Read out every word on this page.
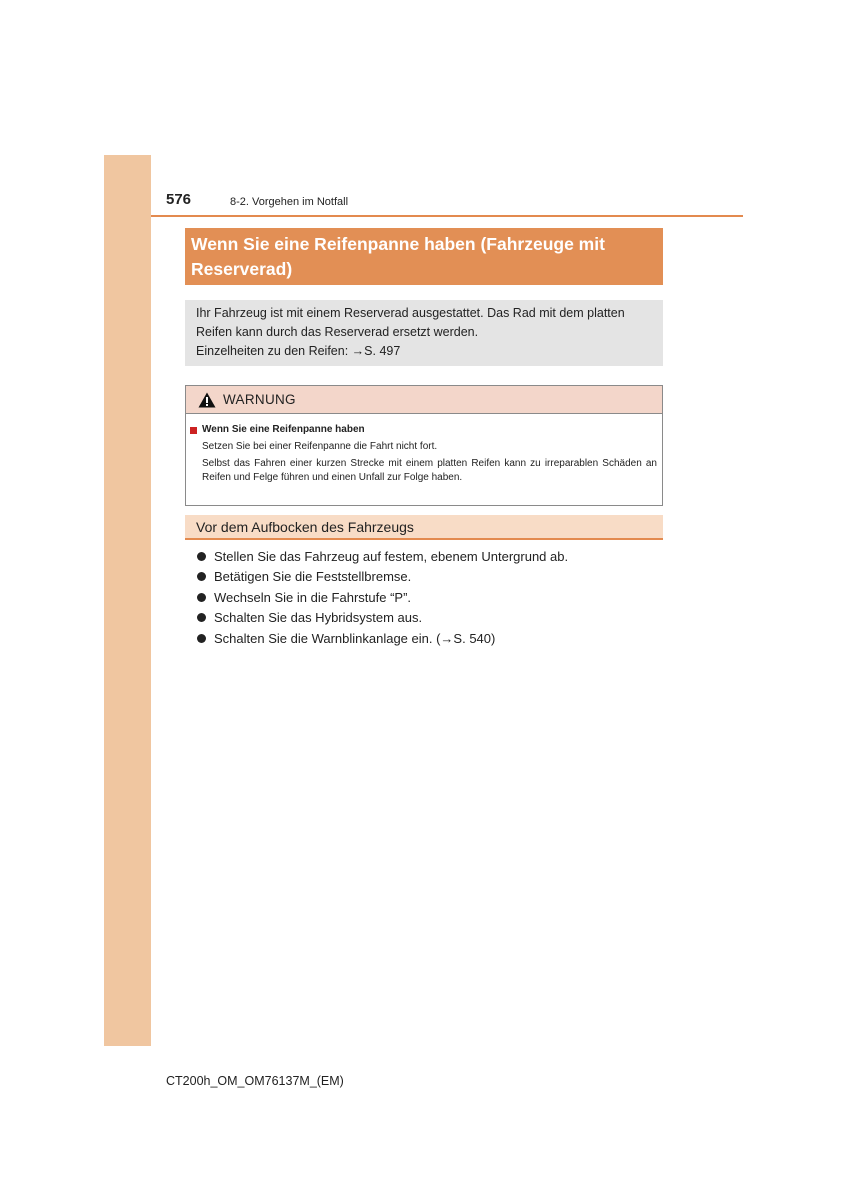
576	8-2. Vorgehen im Notfall
Wenn Sie eine Reifenpanne haben (Fahrzeuge mit
Reserverad)
Ihr Fahrzeug ist mit einem Reserverad ausgestattet. Das Rad mit dem platten
Reifen kann durch das Reserverad ersetzt werden.
Einzelheiten zu den Reifen: →S. 497
WARNUNG
Wenn Sie eine Reifenpanne haben
Setzen Sie bei einer Reifenpanne die Fahrt nicht fort.
Selbst das Fahren einer kurzen Strecke mit einem platten Reifen kann zu irreparablen Schäden an Reifen und Felge führen und einen Unfall zur Folge haben.
Vor dem Aufbocken des Fahrzeugs
Stellen Sie das Fahrzeug auf festem, ebenem Untergrund ab.
Betätigen Sie die Feststellbremse.
Wechseln Sie in die Fahrstufe “P”.
Schalten Sie das Hybridsystem aus.
Schalten Sie die Warnblinkanlage ein. (→S. 540)
CT200h_OM_OM76137M_(EM)
